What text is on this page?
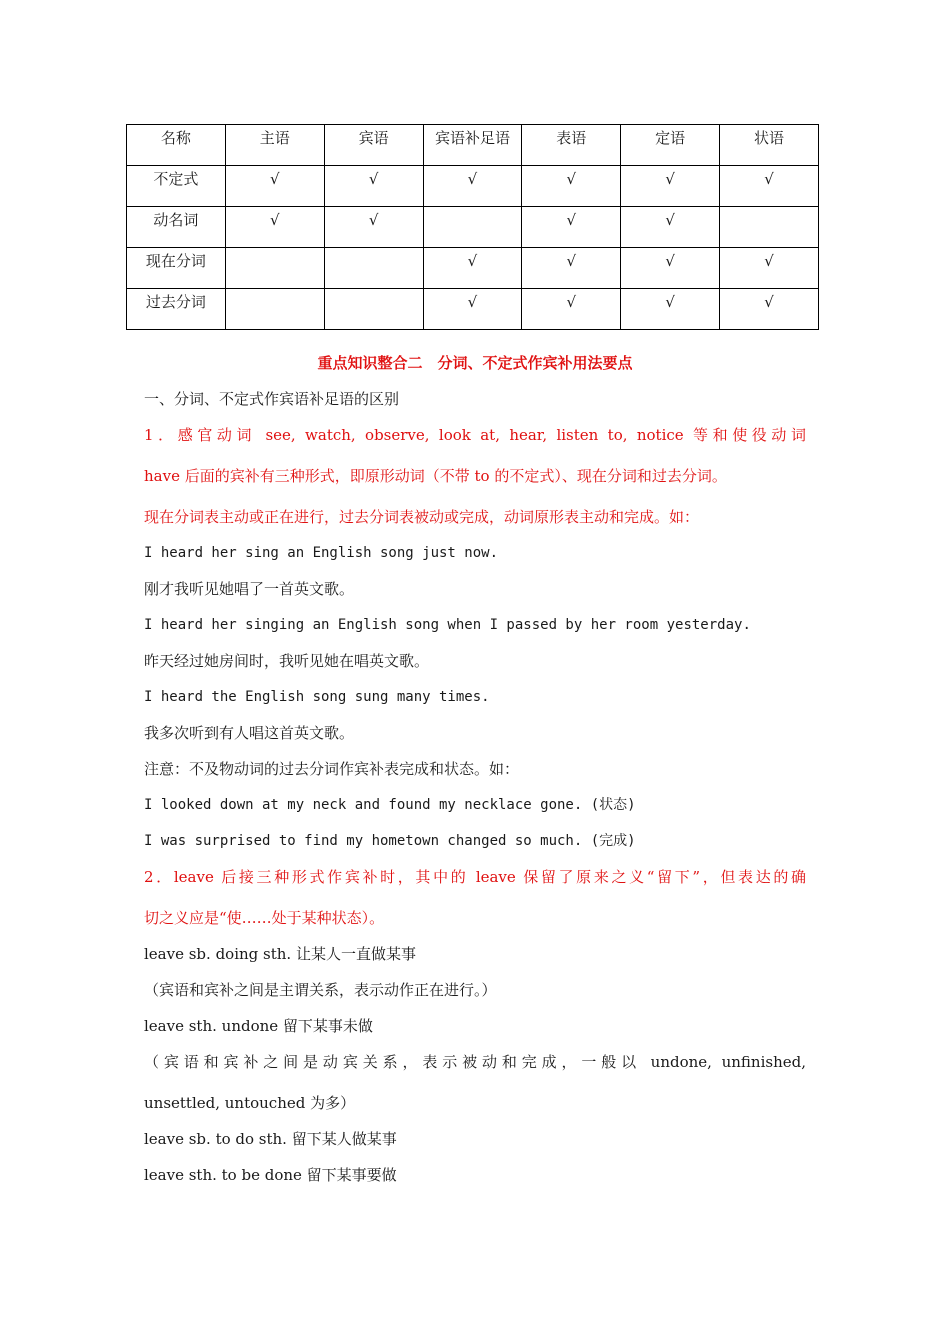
名称	主语	宾语	宾语补足语	表语	定语	状语
不定式	√	√	√	√	√	√
动名词	√	√		√	√	
现在分词			√	√	√	√
过去分词			√	√	√	√
重点知识整合二　分词、不定式作宾补用法要点
一、分词、不定式作宾语补足语的区别
1．感官动词 see, watch, observe, look at, hear, listen to, notice 等和使役动词
have 后面的宾补有三种形式，即原形动词（不带 to 的不定式）、现在分词和过去分词。
现在分词表主动或正在进行，过去分词表被动或完成，动词原形表主动和完成。如：
I heard her sing an English song just now.
刚才我听见她唱了一首英文歌。
I heard her singing an English song when I passed by her room yesterday.
昨天经过她房间时，我听见她在唱英文歌。
I heard the English song sung many times.
我多次听到有人唱这首英文歌。
注意：不及物动词的过去分词作宾补表完成和状态。如：
I looked down at my neck and found my necklace gone. (状态)
I was surprised to find my hometown changed so much. (完成)
2．leave 后接三种形式作宾补时，其中的 leave 保留了原来之义“留下”，但表达的确
切之义应是“使……处于某种状态）。
leave sb. doing sth. 让某人一直做某事
（宾语和宾补之间是主谓关系，表示动作正在进行。）
leave sth. undone 留下某事未做
（宾语和宾补之间是动宾关系，表示被动和完成，一般以 undone, unfinished,
unsettled, untouched 为多）
leave sb. to do sth. 留下某人做某事
leave sth. to be done 留下某事要做
